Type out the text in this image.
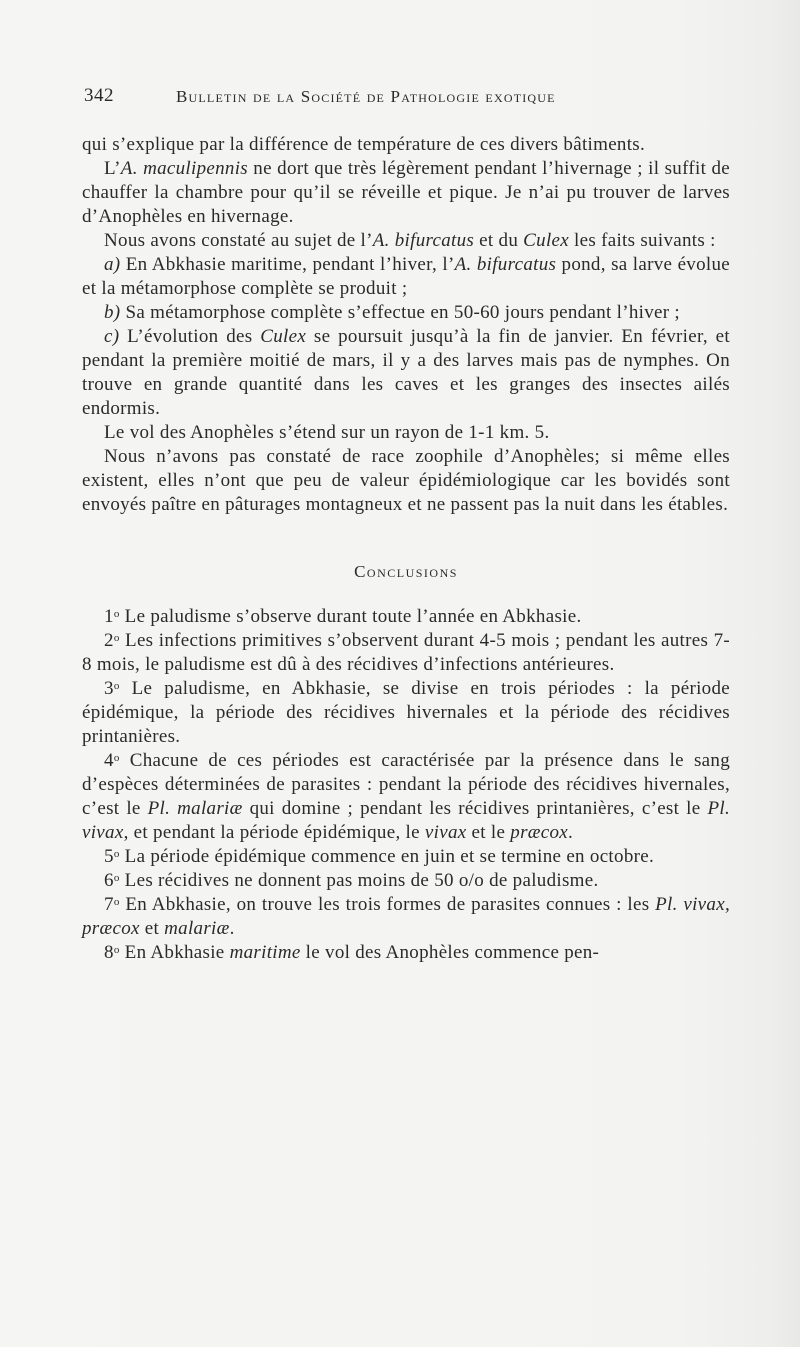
342	Bulletin de la Société de Pathologie exotique

qui s’explique par la différence de température de ces divers bâtiments.

L’A. maculipennis ne dort que très légèrement pendant l’hivernage ; il suffit de chauffer la chambre pour qu’il se réveille et pique. Je n’ai pu trouver de larves d’Anophèles en hivernage.

Nous avons constaté au sujet de l’A. bifurcatus et du Culex les faits suivants :

a) En Abkhasie maritime, pendant l’hiver, l’A. bifurcatus pond, sa larve évolue et la métamorphose complète se produit ;

b) Sa métamorphose complète s’effectue en 50-60 jours pendant l’hiver ;

c) L’évolution des Culex se poursuit jusqu’à la fin de janvier. En février, et pendant la première moitié de mars, il y a des larves mais pas de nymphes. On trouve en grande quantité dans les caves et les granges des insectes ailés endormis.

Le vol des Anophèles s’étend sur un rayon de 1-1 km. 5.

Nous n’avons pas constaté de race zoophile d’Anophèles; si même elles existent, elles n’ont que peu de valeur épidémiologique car les bovidés sont envoyés paître en pâturages montagneux et ne passent pas la nuit dans les étables.

Conclusions

1$^o$ Le paludisme s’observe durant toute l’année en Abkhasie.

2$^o$ Les infections primitives s’observent durant 4-5 mois ; pendant les autres 7-8 mois, le paludisme est dû à des récidives d’infections antérieures.

3$^o$ Le paludisme, en Abkhasie, se divise en trois périodes : la période épidémique, la période des récidives hivernales et la période des récidives printanières.

4$^o$ Chacune de ces périodes est caractérisée par la présence dans le sang d’espèces déterminées de parasites : pendant la période des récidives hivernales, c’est le Pl. malariæ qui domine ; pendant les récidives printanières, c’est le Pl. vivax, et pendant la période épidémique, le vivax et le præcox.

5$^o$ La période épidémique commence en juin et se termine en octobre.

6$^o$ Les récidives ne donnent pas moins de 50 o/o de paludisme.

7$^o$ En Abkhasie, on trouve les trois formes de parasites connues : les Pl. vivax, præcox et malariæ.

8$^o$ En Abkhasie maritime le vol des Anophèles commence pen-
